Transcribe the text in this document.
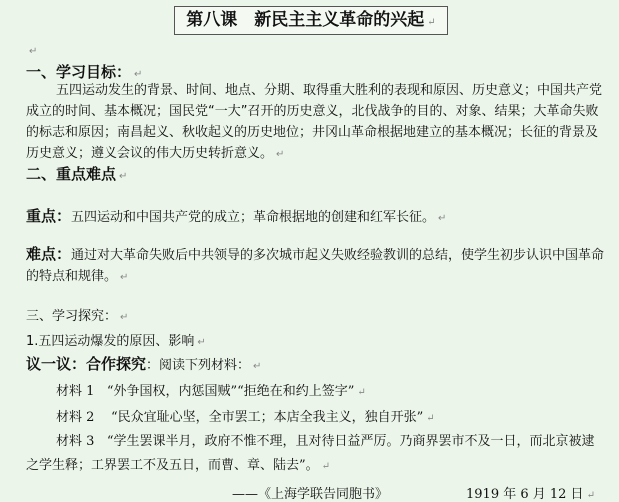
第八课　新民主主义革命的兴起 ↵
↵
一、学习目标： ↵
五四运动发生的背景、时间、地点、分期、取得重大胜利的表现和原因、历史意义；中国共产党成立的时间、基本概况；国民党“一大”召开的历史意义，北伐战争的目的、对象、结果；大革命失败的标志和原因；南昌起义、秋收起义的历史地位；井冈山革命根据地建立的基本概况；长征的背景及历史意义；遵义会议的伟大历史转折意义。 ↵
二、重点难点 ↵
重点：五四运动和中国共产党的成立；革命根据地的创建和红军长征。 ↵
难点：通过对大革命失败后中共领导的多次城市起义失败经验教训的总结，使学生初步认识中国革命的特点和规律。 ↵
三、学习探究： ↵
1.五四运动爆发的原因、影响 ↵
议一议：合作探究：阅读下列材料： ↵
材料 1 “外争国权，内惩国贼”“拒绝在和约上签字” ↵
材料 2 “民众宜耻心坚，全市罢工；本店全我主义，独自开张” ↵
材料 3 “学生罢课半月，政府不惟不理，且对待日益严厉。乃商界罢市不及一日，而北京被逮之学生释；工界罢工不及五日，而曹、章、陆去”。 ↵
——《上海学联告同胞书》	1919 年 6 月 12 日 ↵
